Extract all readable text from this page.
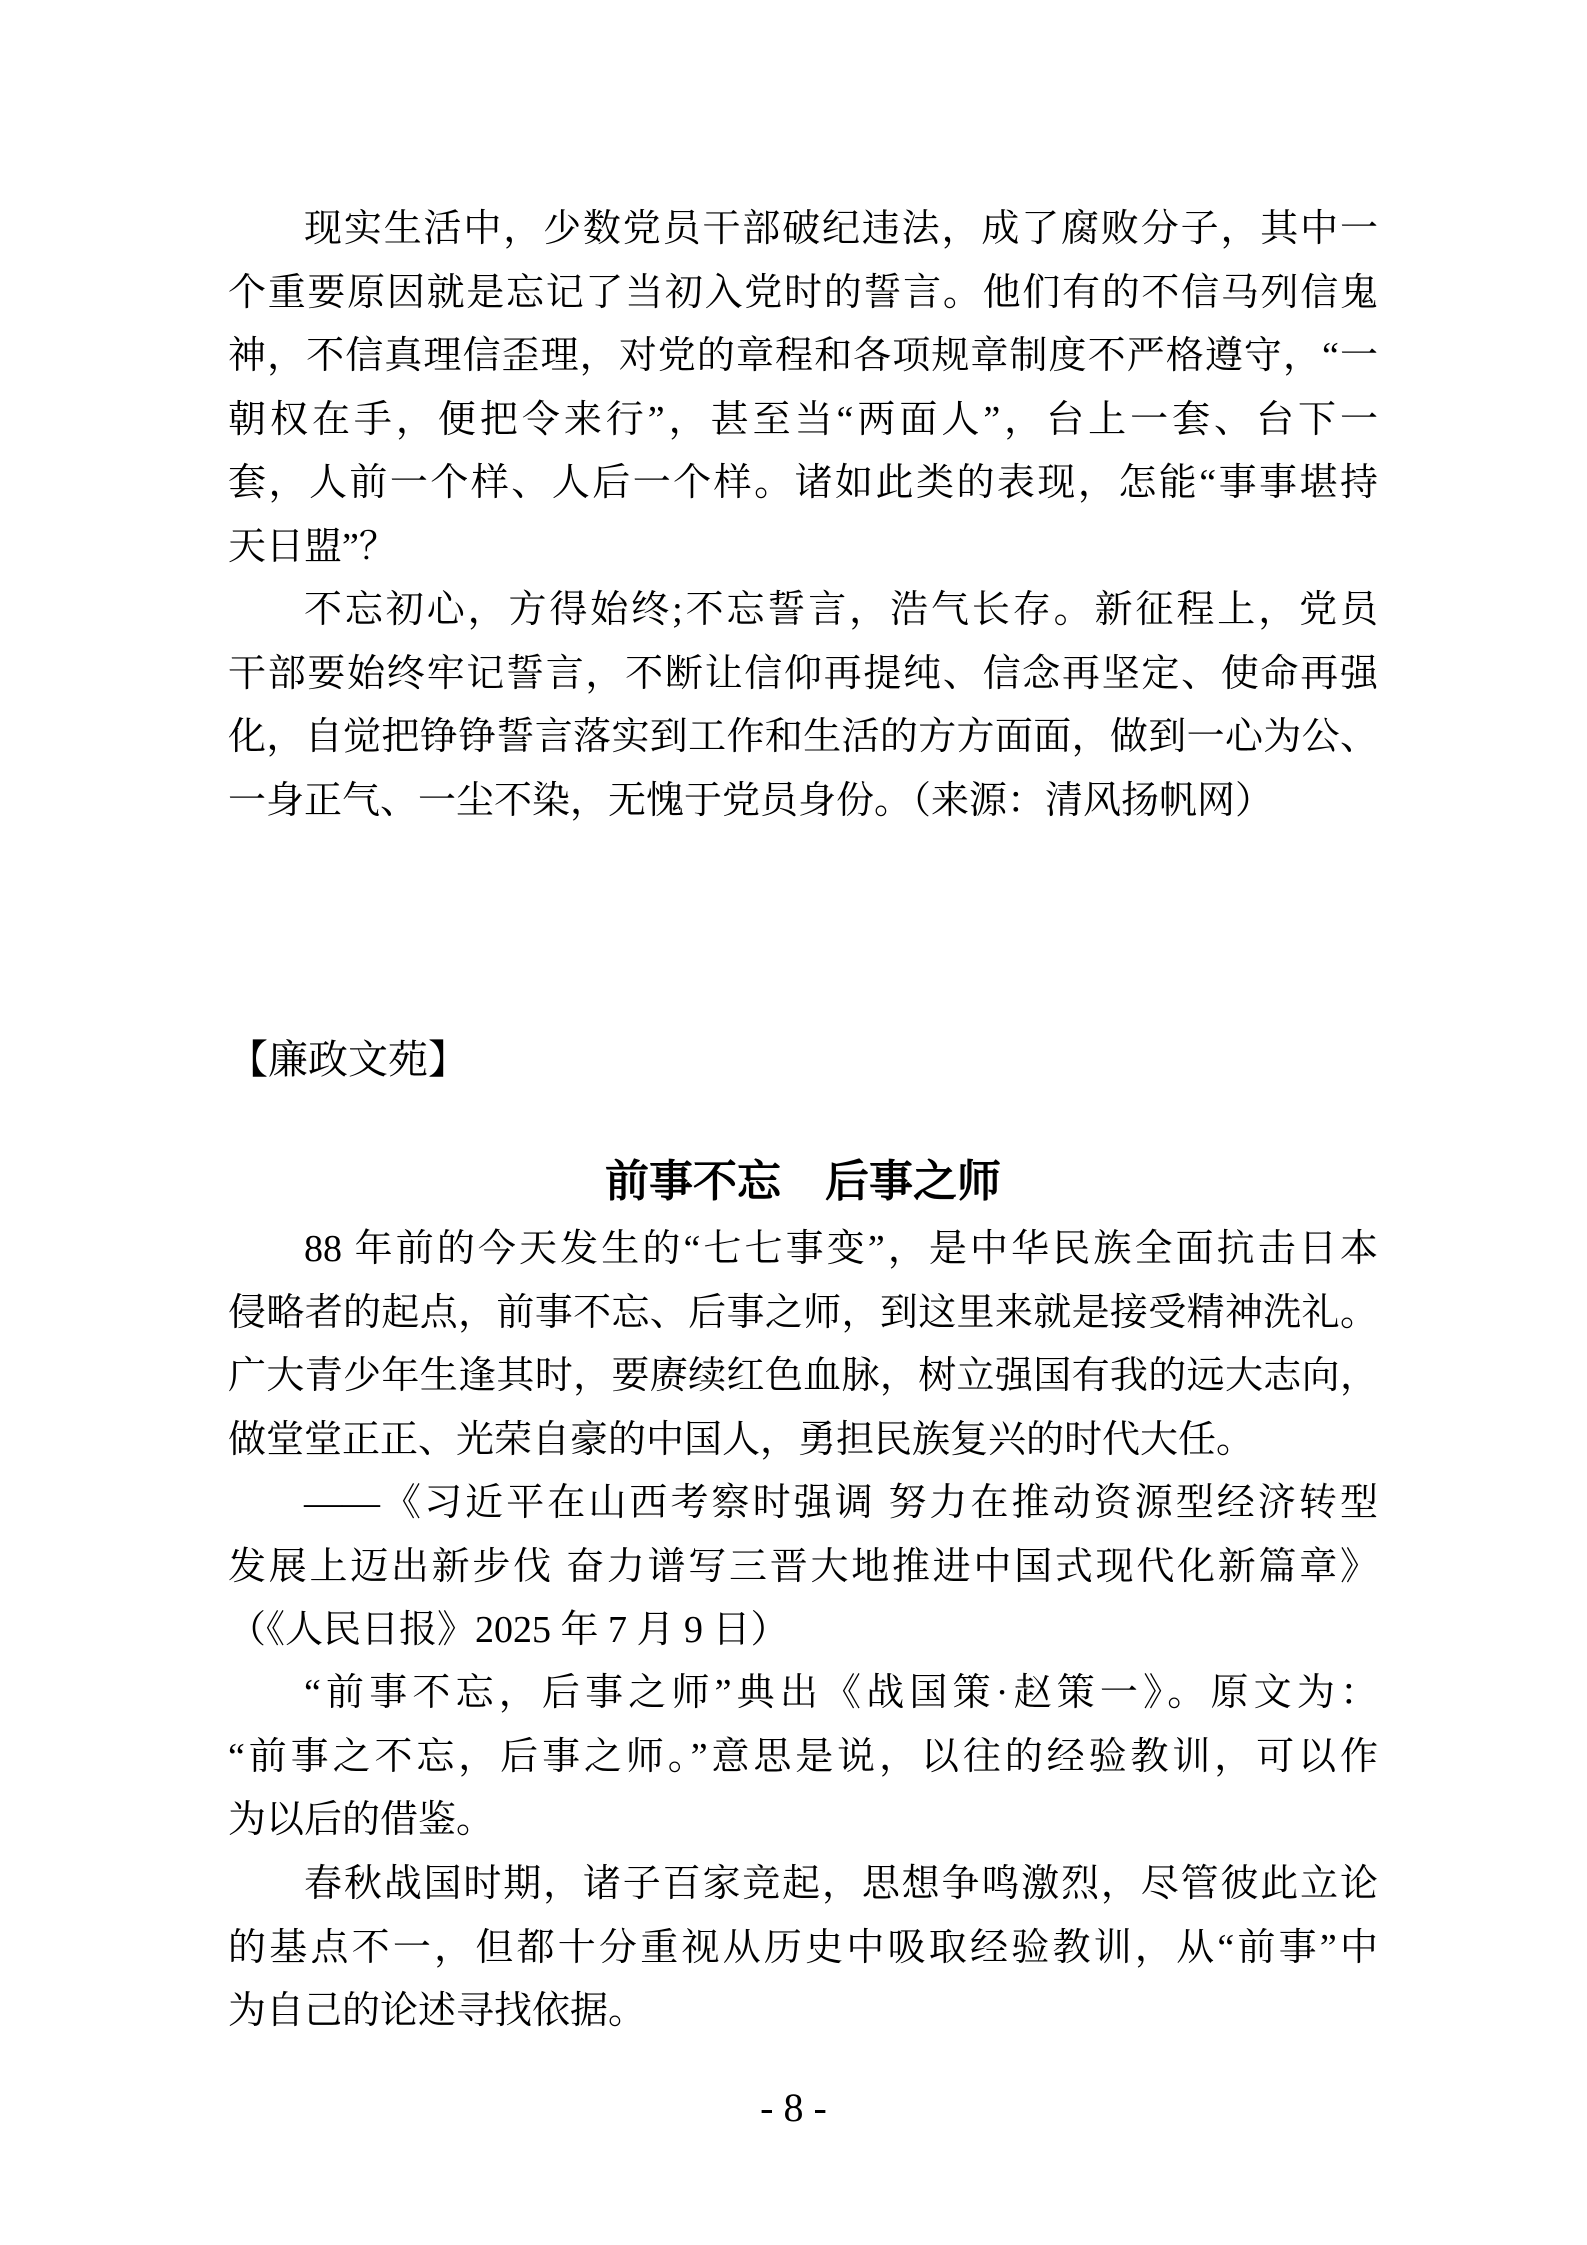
现实生活中，少数党员干部破纪违法，成了腐败分子，其中一
个重要原因就是忘记了当初入党时的誓言。他们有的不信马列信鬼
神，不信真理信歪理，对党的章程和各项规章制度不严格遵守，“一
朝权在手，便把令来行”，甚至当“两面人”，台上一套、台下一
套，人前一个样、人后一个样。诸如此类的表现，怎能“事事堪持
天日盟”？
不忘初心，方得始终;不忘誓言，浩气长存。新征程上，党员
干部要始终牢记誓言，不断让信仰再提纯、信念再坚定、使命再强
化，自觉把铮铮誓言落实到工作和生活的方方面面，做到一心为公、
一身正气、一尘不染，无愧于党员身份。（来源：清风扬帆网）
88 年前的今天发生的“七七事变”，是中华民族全面抗击日本
侵略者的起点，前事不忘、后事之师，到这里来就是接受精神洗礼。
广大青少年生逢其时，要赓续红色血脉，树立强国有我的远大志向，
做堂堂正正、光荣自豪的中国人，勇担民族复兴的时代大任。
——《习近平在山西考察时强调 努力在推动资源型经济转型
发展上迈出新步伐 奋力谱写三晋大地推进中国式现代化新篇章》
（《人民日报》2025 年 7 月 9 日）
“前事不忘，后事之师”典出《战国策·赵策一》。原文为：
“前事之不忘，后事之师。”意思是说，以往的经验教训，可以作
为以后的借鉴。
春秋战国时期，诸子百家竞起，思想争鸣激烈，尽管彼此立论
的基点不一，但都十分重视从历史中吸取经验教训，从“前事”中
为自己的论述寻找依据。
【廉政文苑】
前事不忘　后事之师
- 8 -
